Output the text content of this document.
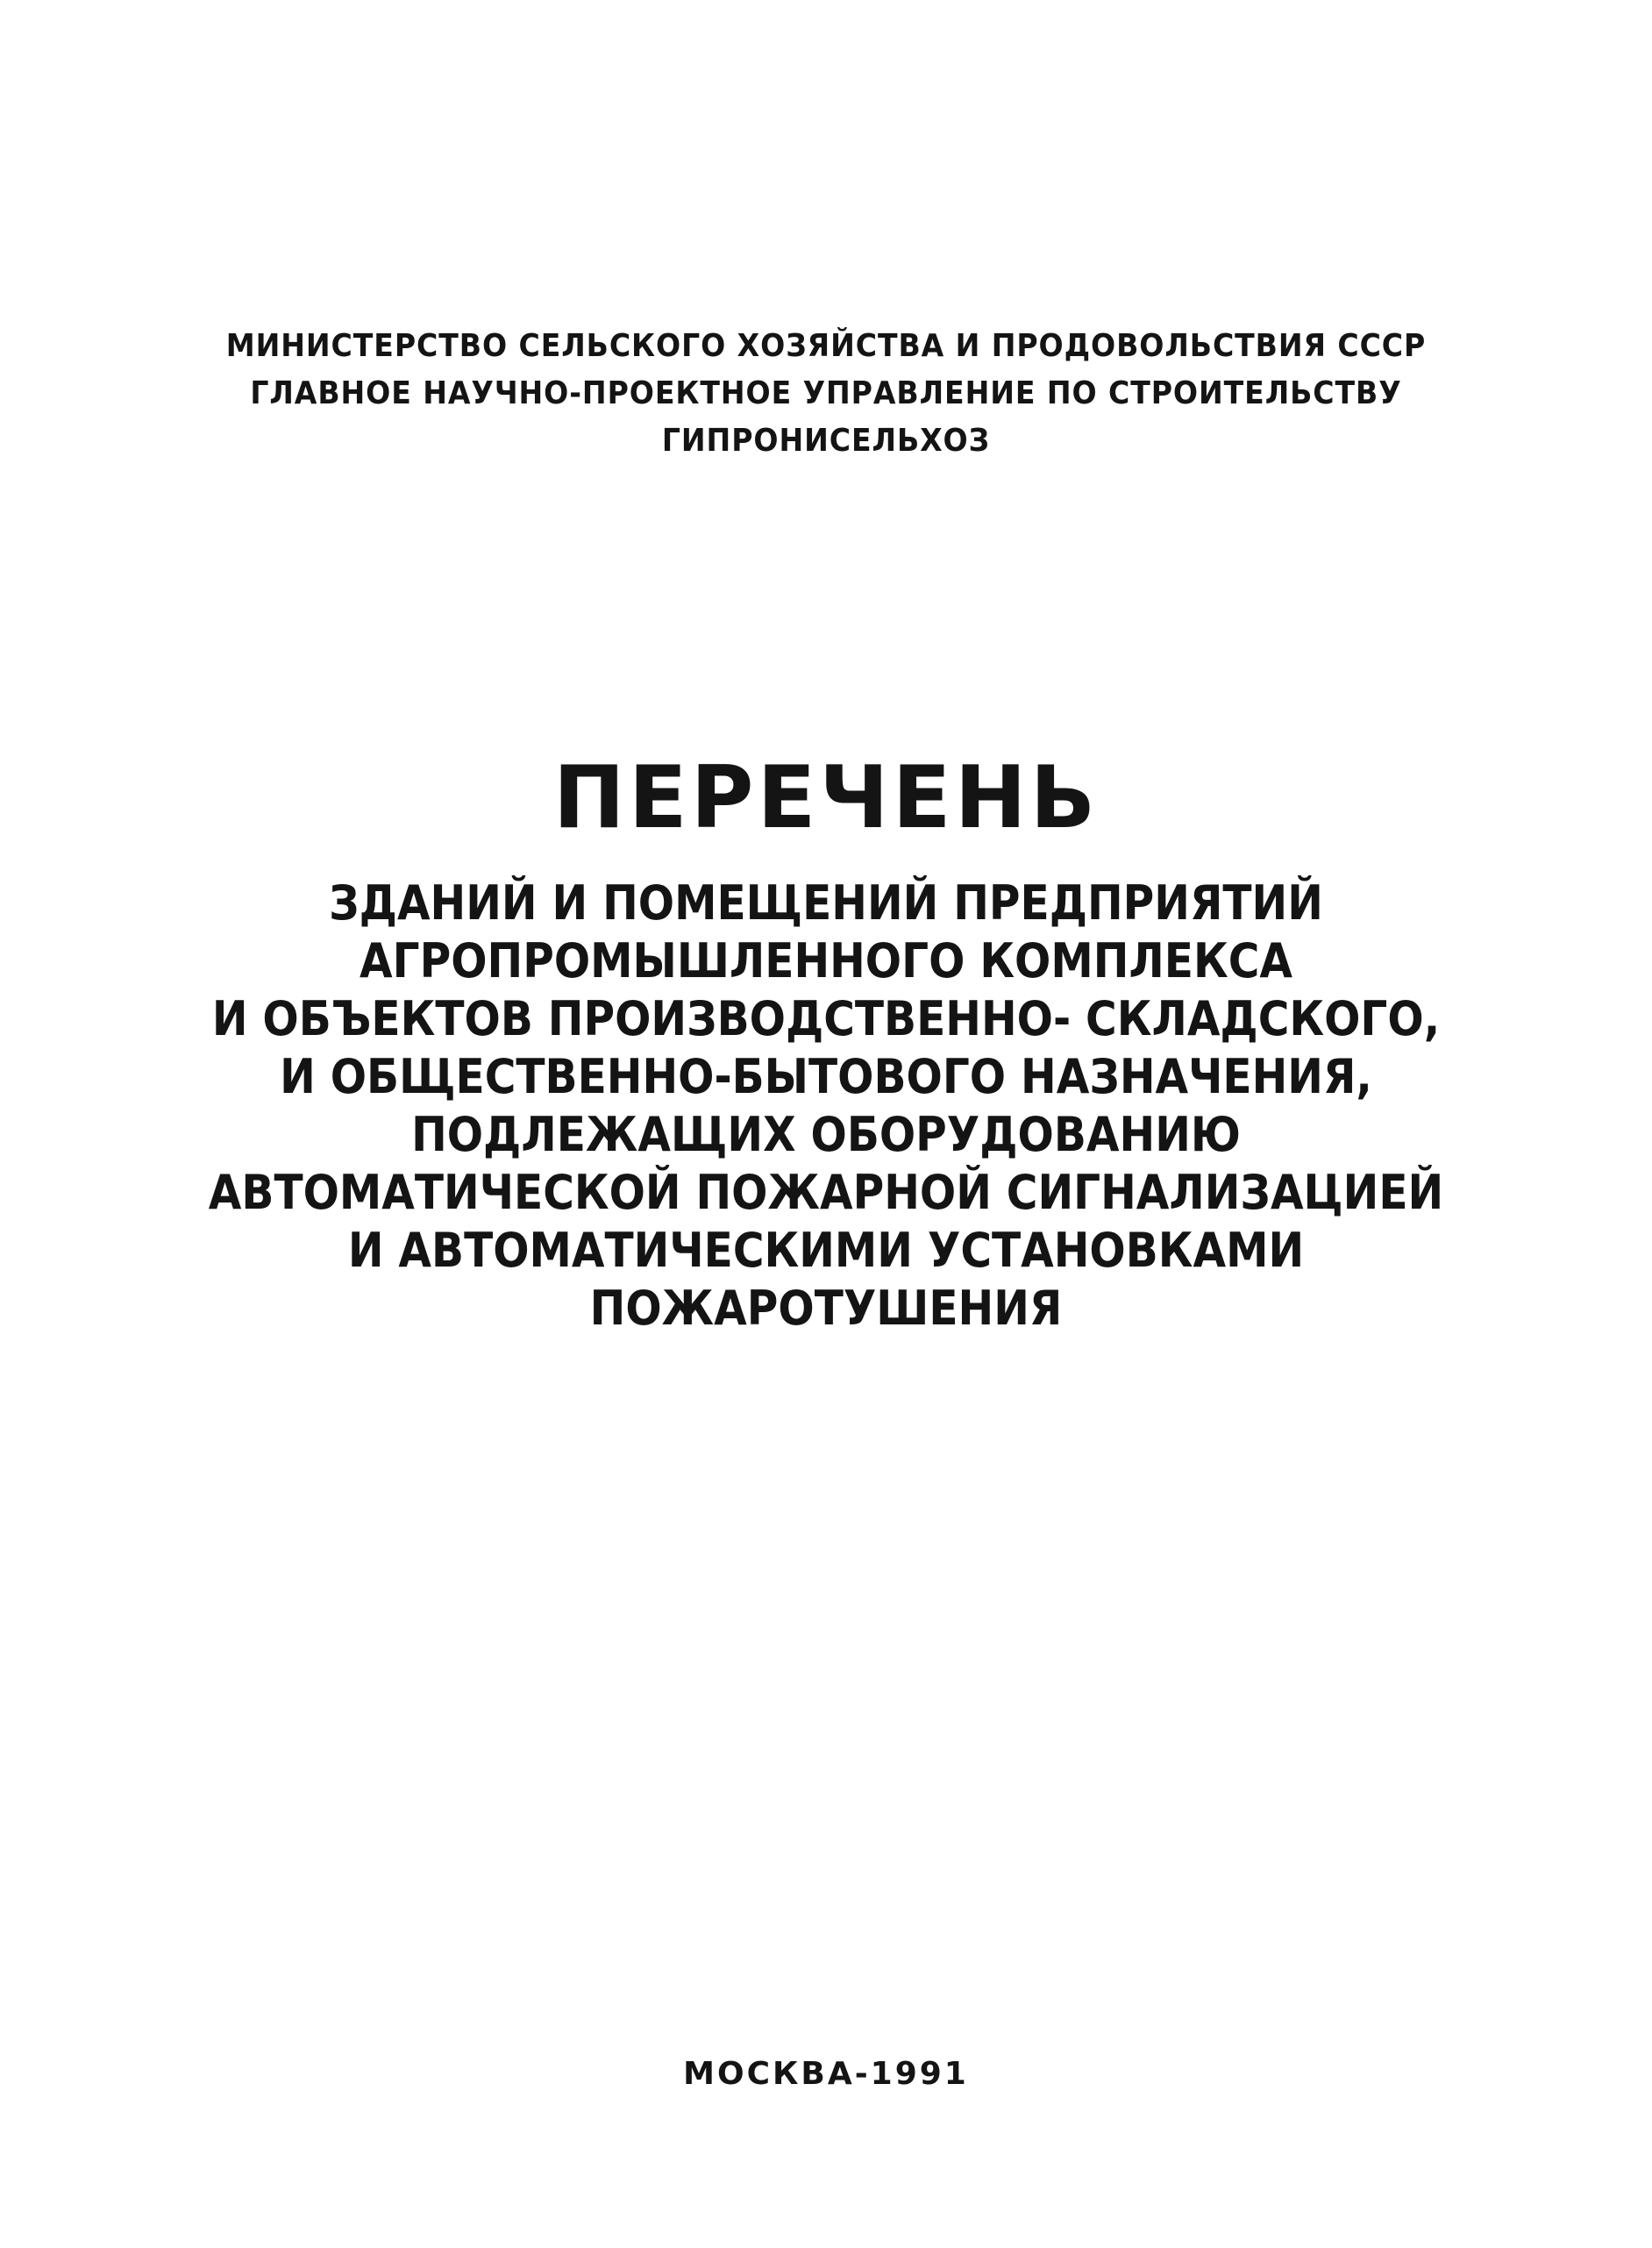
МИНИСТЕРСТВО СЕЛЬСКОГО ХОЗЯЙСТВА И ПРОДОВОЛЬСТВИЯ СССР
ГЛАВНОЕ НАУЧНО-ПРОЕКТНОЕ УПРАВЛЕНИЕ ПО СТРОИТЕЛЬСТВУ
ГИПРОНИСЕЛЬХОЗ
ПЕРЕЧЕНЬ
ЗДАНИЙ И ПОМЕЩЕНИЙ ПРЕДПРИЯТИЙ
АГРОПРОМЫШЛЕННОГО КОМПЛЕКСА
И ОБЪЕКТОВ ПРОИЗВОДСТВЕННО- СКЛАДСКОГО,
И ОБЩЕСТВЕННО-БЫТОВОГО НАЗНАЧЕНИЯ,
ПОДЛЕЖАЩИХ ОБОРУДОВАНИЮ
АВТОМАТИЧЕСКОЙ ПОЖАРНОЙ СИГНАЛИЗАЦИЕЙ
И АВТОМАТИЧЕСКИМИ УСТАНОВКАМИ
ПОЖАРОТУШЕНИЯ
МОСКВА-1991
